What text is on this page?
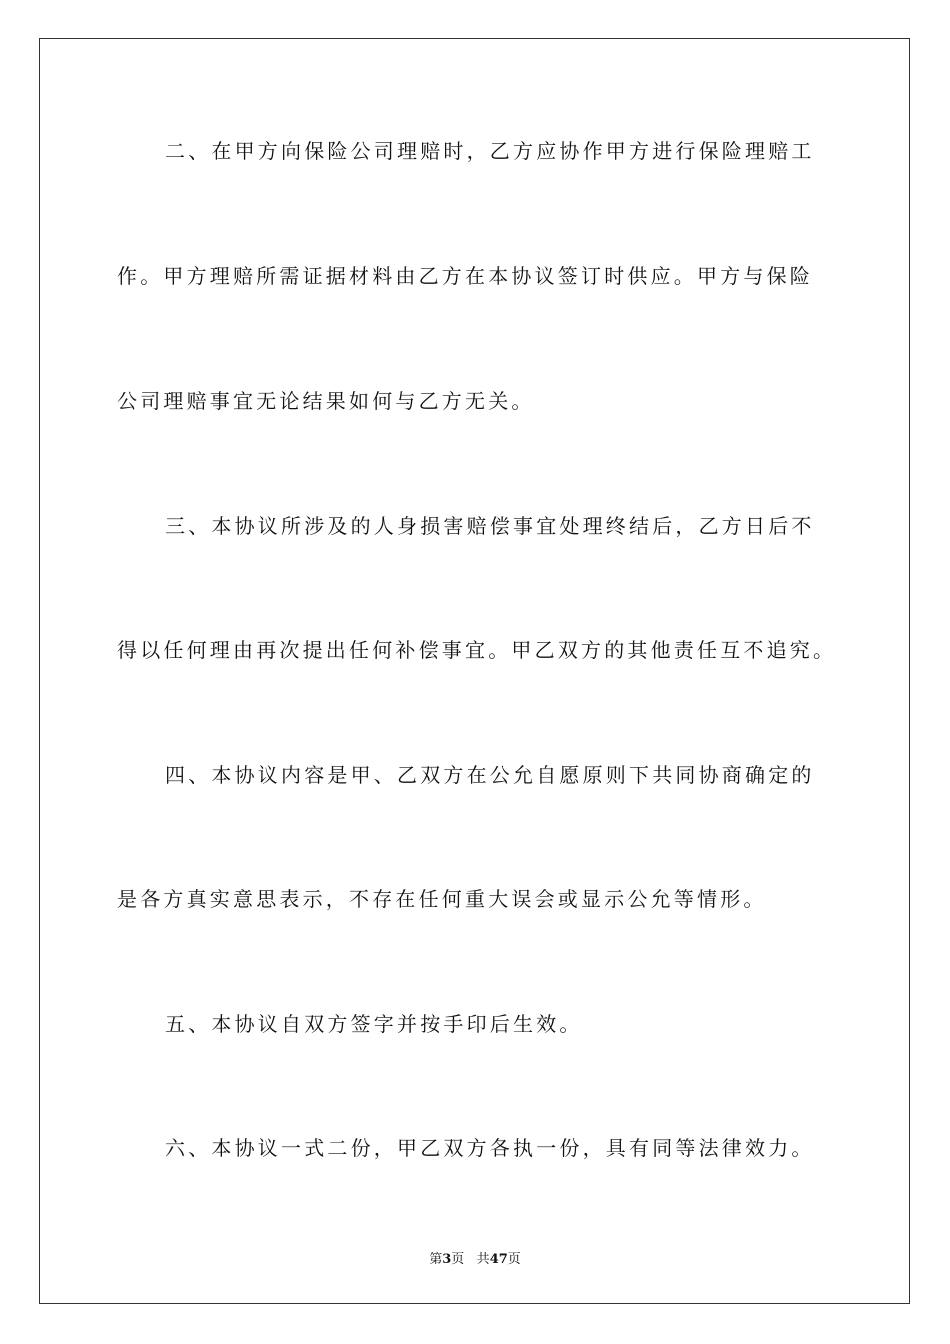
二、在甲方向保险公司理赔时，乙方应协作甲方进行保险理赔工
作。甲方理赔所需证据材料由乙方在本协议签订时供应。甲方与保险
公司理赔事宜无论结果如何与乙方无关。
三、本协议所涉及的人身损害赔偿事宜处理终结后，乙方日后不
得以任何理由再次提出任何补偿事宜。甲乙双方的其他责任互不追究。
四、本协议内容是甲、乙双方在公允自愿原则下共同协商确定的
是各方真实意思表示，不存在任何重大误会或显示公允等情形。
五、本协议自双方签字并按手印后生效。
六、本协议一式二份，甲乙双方各执一份，具有同等法律效力。
第3页 共47页
